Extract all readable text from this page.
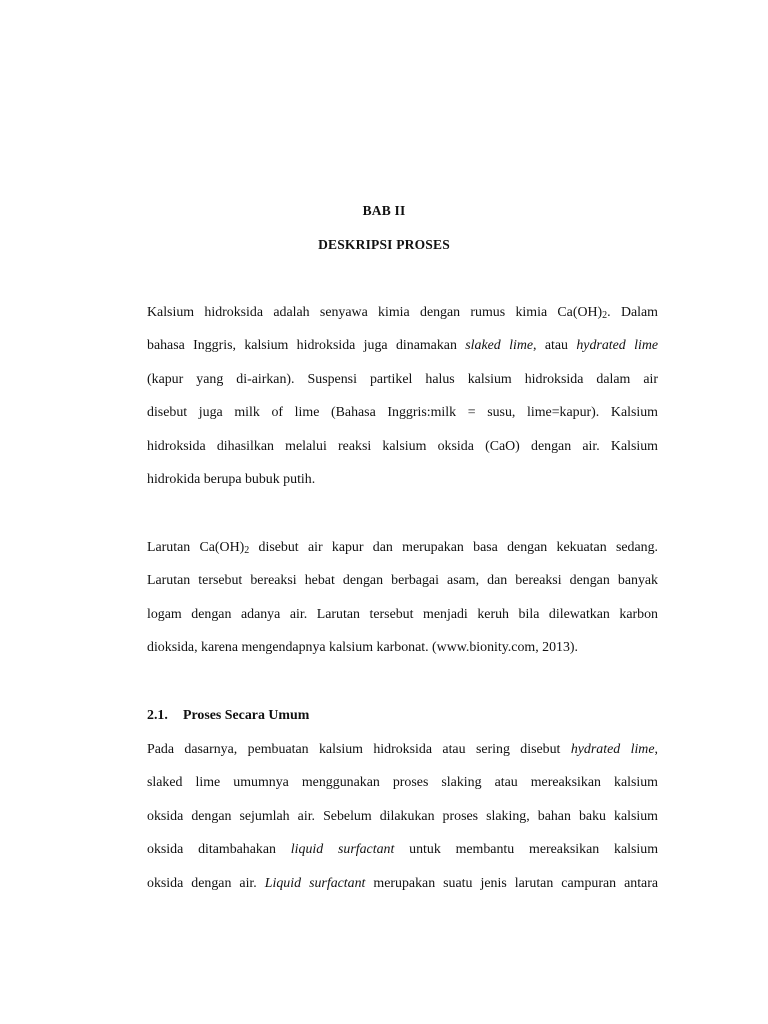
BAB II
DESKRIPSI PROSES
Kalsium hidroksida adalah senyawa kimia dengan rumus kimia $Ca(OH)_2$. Dalam
bahasa Inggris, kalsium hidroksida juga dinamakan slaked lime, atau hydrated lime
(kapur yang di-airkan). Suspensi partikel halus kalsium hidroksida dalam air
disebut juga milk of lime (Bahasa Inggris:milk = susu, lime=kapur). Kalsium
hidroksida dihasilkan melalui reaksi kalsium oksida (CaO) dengan air. Kalsium
hidrokida berupa bubuk putih.
Larutan $Ca(OH)_2$ disebut air kapur dan merupakan basa dengan kekuatan sedang.
Larutan tersebut bereaksi hebat dengan berbagai asam, dan bereaksi dengan banyak
logam dengan adanya air. Larutan tersebut menjadi keruh bila dilewatkan karbon
dioksida, karena mengendapnya kalsium karbonat. (www.bionity.com, 2013).
2.1. Proses Secara Umum
Pada dasarnya, pembuatan kalsium hidroksida atau sering disebut hydrated lime,
slaked lime umumnya menggunakan proses slaking atau mereaksikan kalsium
oksida dengan sejumlah air. Sebelum dilakukan proses slaking, bahan baku kalsium
oksida ditambahakan liquid surfactant untuk membantu mereaksikan kalsium
oksida dengan air. Liquid surfactant merupakan suatu jenis larutan campuran antara
